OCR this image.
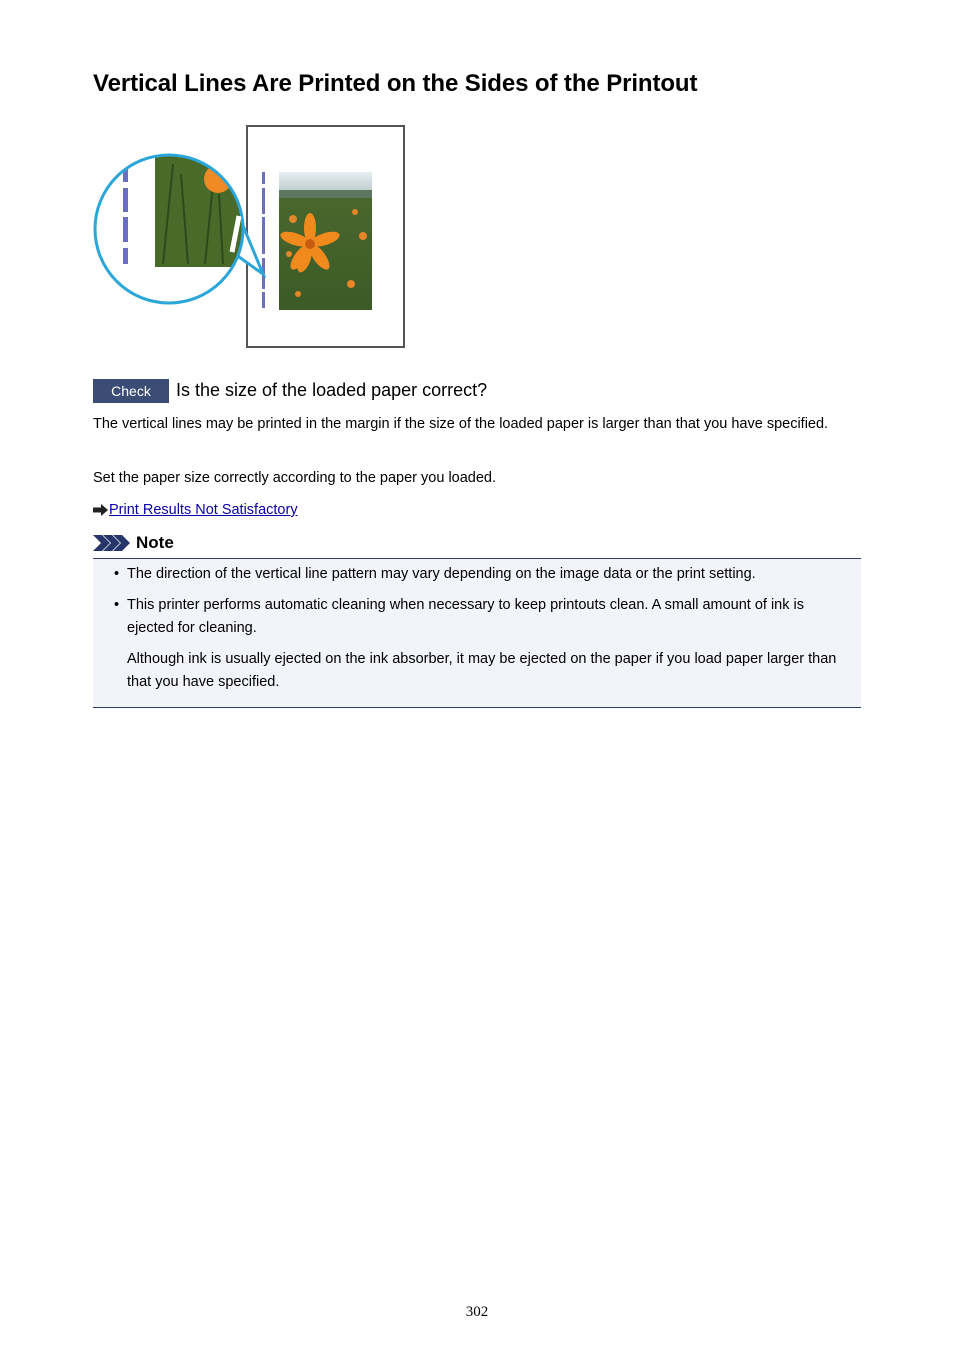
Vertical Lines Are Printed on the Sides of the Printout
Check	Is the size of the loaded paper correct?

The vertical lines may be printed in the margin if the size of the loaded paper is larger than that you have specified.

Set the paper size correctly according to the paper you loaded.

Print Results Not Satisfactory
Note
• The direction of the vertical line pattern may vary depending on the image data or the print setting.
• This printer performs automatic cleaning when necessary to keep printouts clean. A small amount of ink is ejected for cleaning.
Although ink is usually ejected on the ink absorber, it may be ejected on the paper if you load paper larger than that you have specified.
302
